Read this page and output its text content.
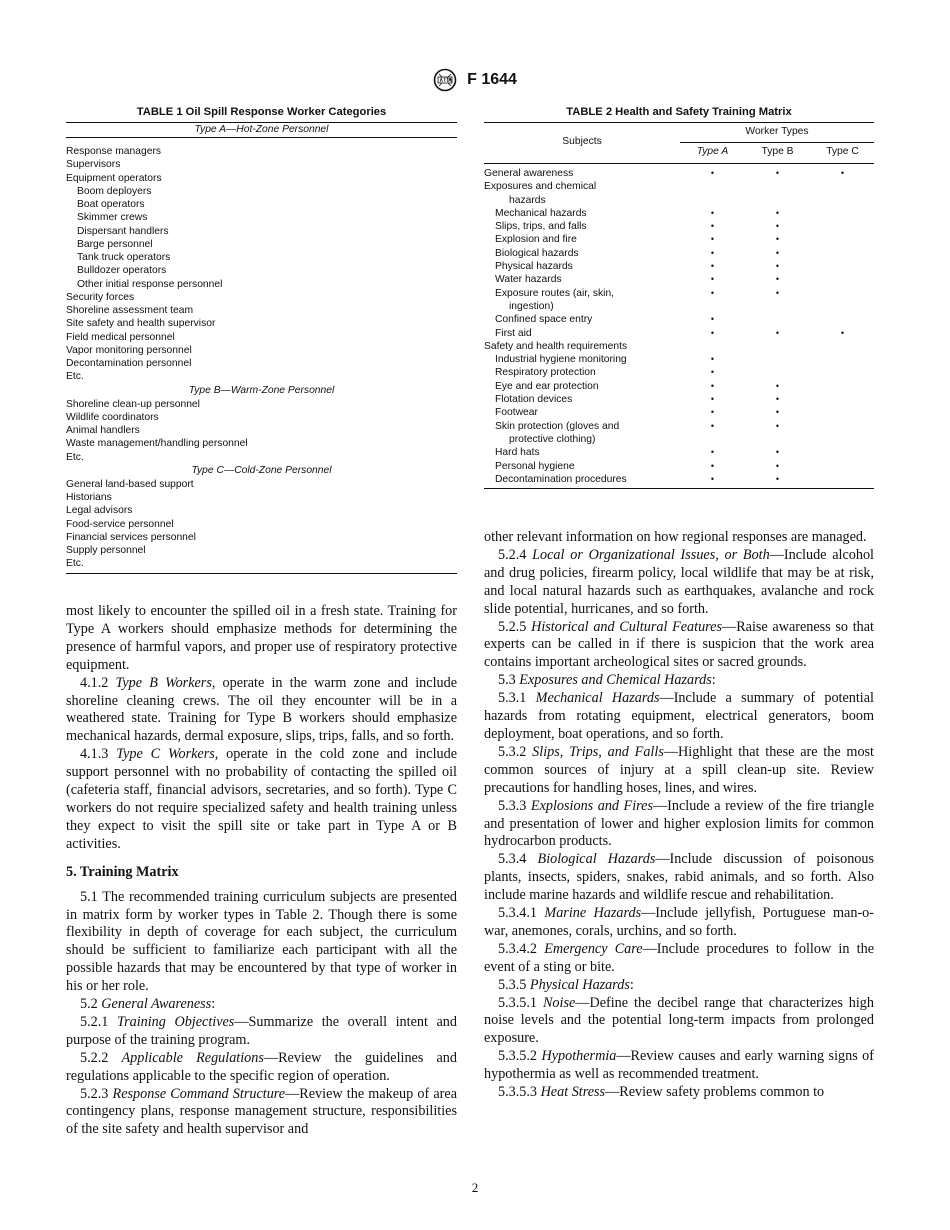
F 1644
TABLE 1 Oil Spill Response Worker Categories
Type A—Hot-Zone Personnel
Response managers
Supervisors
Equipment operators
Boom deployers
Boat operators
Skimmer crews
Dispersant handlers
Barge personnel
Tank truck operators
Bulldozer operators
Other initial response personnel
Security forces
Shoreline assessment team
Site safety and health supervisor
Field medical personnel
Vapor monitoring personnel
Decontamination personnel
Etc.
Type B—Warm-Zone Personnel
Shoreline clean-up personnel
Wildlife coordinators
Animal handlers
Waste management/handling personnel
Etc.
Type C—Cold-Zone Personnel
General land-based support
Historians
Legal advisors
Food-service personnel
Financial services personnel
Supply personnel
Etc.
TABLE 2 Health and Safety Training Matrix
Subjects
Worker Types
Type A	Type B	Type C
General awareness	•	•	•
Exposures and chemical
hazards
Mechanical hazards	•	•
Slips, trips, and falls	•	•
Explosion and fire	•	•
Biological hazards	•	•
Physical hazards	•	•
Water hazards	•	•
Exposure routes (air, skin,	•	•
ingestion)
Confined space entry	•
First aid	•	•	•
Safety and health requirements
Industrial hygiene monitoring	•
Respiratory protection	•
Eye and ear protection	•	•
Flotation devices	•	•
Footwear	•	•
Skin protection (gloves and	•	•
protective clothing)
Hard hats	•	•
Personal hygiene	•	•
Decontamination procedures	•	•

most likely to encounter the spilled oil in a fresh state. Training for Type A workers should emphasize methods for determining the presence of harmful vapors, and proper use of respiratory protective equipment.

4.1.2 Type B Workers, operate in the warm zone and include shoreline cleaning crews. The oil they encounter will be in a weathered state. Training for Type B workers should emphasize mechanical hazards, dermal exposure, slips, trips, falls, and so forth.

4.1.3 Type C Workers, operate in the cold zone and include support personnel with no probability of contacting the spilled oil (cafeteria staff, financial advisors, secretaries, and so forth). Type C workers do not require specialized safety and health training unless they expect to visit the spill site or take part in Type A or B activities.

5. Training Matrix

5.1 The recommended training curriculum subjects are presented in matrix form by worker types in Table 2. Though there is some flexibility in depth of coverage for each subject, the curriculum should be sufficient to familiarize each participant with all the possible hazards that may be encountered by that type of worker in his or her role.

5.2 General Awareness:

5.2.1 Training Objectives—Summarize the overall intent and purpose of the training program.

5.2.2 Applicable Regulations—Review the guidelines and regulations applicable to the specific region of operation.

5.2.3 Response Command Structure—Review the makeup of area contingency plans, response management structure, responsibilities of the site safety and health supervisor and

other relevant information on how regional responses are managed.

5.2.4 Local or Organizational Issues, or Both—Include alcohol and drug policies, firearm policy, local wildlife that may be at risk, and local natural hazards such as earthquakes, avalanche and rock slide potential, hurricanes, and so forth.

5.2.5 Historical and Cultural Features—Raise awareness so that experts can be called in if there is suspicion that the work area contains important archeological sites or sacred grounds.

5.3 Exposures and Chemical Hazards:

5.3.1 Mechanical Hazards—Include a summary of potential hazards from rotating equipment, electrical generators, boom deployment, boat operations, and so forth.

5.3.2 Slips, Trips, and Falls—Highlight that these are the most common sources of injury at a spill clean-up site. Review precautions for handling hoses, lines, and wires.

5.3.3 Explosions and Fires—Include a review of the fire triangle and presentation of lower and higher explosion limits for common hydrocarbon products.

5.3.4 Biological Hazards—Include discussion of poisonous plants, insects, spiders, snakes, rabid animals, and so forth. Also include marine hazards and wildlife rescue and rehabilitation.

5.3.4.1 Marine Hazards—Include jellyfish, Portuguese man-o-war, anemones, corals, urchins, and so forth.

5.3.4.2 Emergency Care—Include procedures to follow in the event of a sting or bite.

5.3.5 Physical Hazards:

5.3.5.1 Noise—Define the decibel range that characterizes high noise levels and the potential long-term impacts from prolonged exposure.

5.3.5.2 Hypothermia—Review causes and early warning signs of hypothermia as well as recommended treatment.

5.3.5.3 Heat Stress—Review safety problems common to

2
